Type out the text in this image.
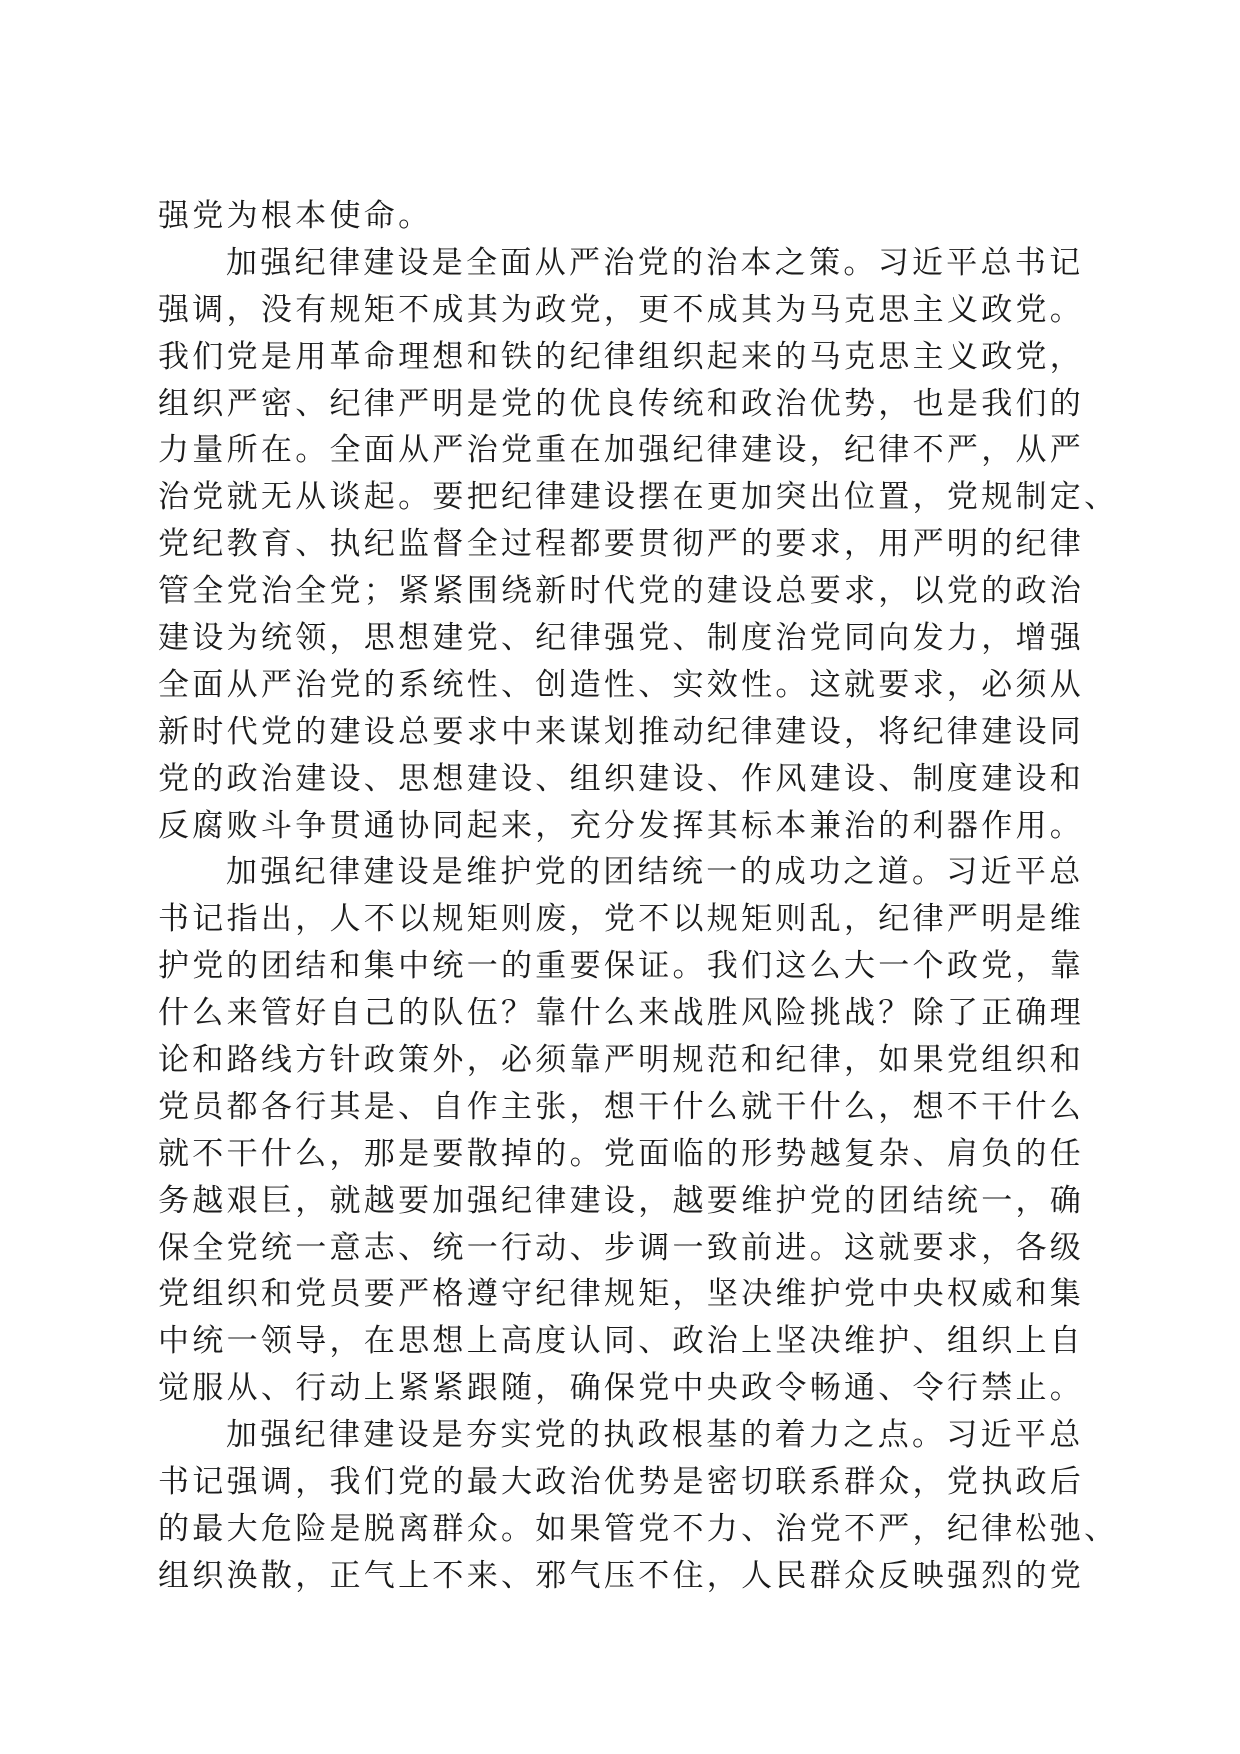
强党为根本使命。
加强纪律建设是全面从严治党的治本之策。习近平总书记
强调，没有规矩不成其为政党，更不成其为马克思主义政党。
我们党是用革命理想和铁的纪律组织起来的马克思主义政党，
组织严密、纪律严明是党的优良传统和政治优势，也是我们的
力量所在。全面从严治党重在加强纪律建设，纪律不严，从严
治党就无从谈起。要把纪律建设摆在更加突出位置，党规制定、
党纪教育、执纪监督全过程都要贯彻严的要求，用严明的纪律
管全党治全党；紧紧围绕新时代党的建设总要求，以党的政治
建设为统领，思想建党、纪律强党、制度治党同向发力，增强
全面从严治党的系统性、创造性、实效性。这就要求，必须从
新时代党的建设总要求中来谋划推动纪律建设，将纪律建设同
党的政治建设、思想建设、组织建设、作风建设、制度建设和
反腐败斗争贯通协同起来，充分发挥其标本兼治的利器作用。
加强纪律建设是维护党的团结统一的成功之道。习近平总
书记指出，人不以规矩则废，党不以规矩则乱，纪律严明是维
护党的团结和集中统一的重要保证。我们这么大一个政党，靠
什么来管好自己的队伍？靠什么来战胜风险挑战？除了正确理
论和路线方针政策外，必须靠严明规范和纪律，如果党组织和
党员都各行其是、自作主张，想干什么就干什么，想不干什么
就不干什么，那是要散掉的。党面临的形势越复杂、肩负的任
务越艰巨，就越要加强纪律建设，越要维护党的团结统一，确
保全党统一意志、统一行动、步调一致前进。这就要求，各级
党组织和党员要严格遵守纪律规矩，坚决维护党中央权威和集
中统一领导，在思想上高度认同、政治上坚决维护、组织上自
觉服从、行动上紧紧跟随，确保党中央政令畅通、令行禁止。
加强纪律建设是夯实党的执政根基的着力之点。习近平总
书记强调，我们党的最大政治优势是密切联系群众，党执政后
的最大危险是脱离群众。如果管党不力、治党不严，纪律松弛、
组织涣散，正气上不来、邪气压不住，人民群众反映强烈的党
